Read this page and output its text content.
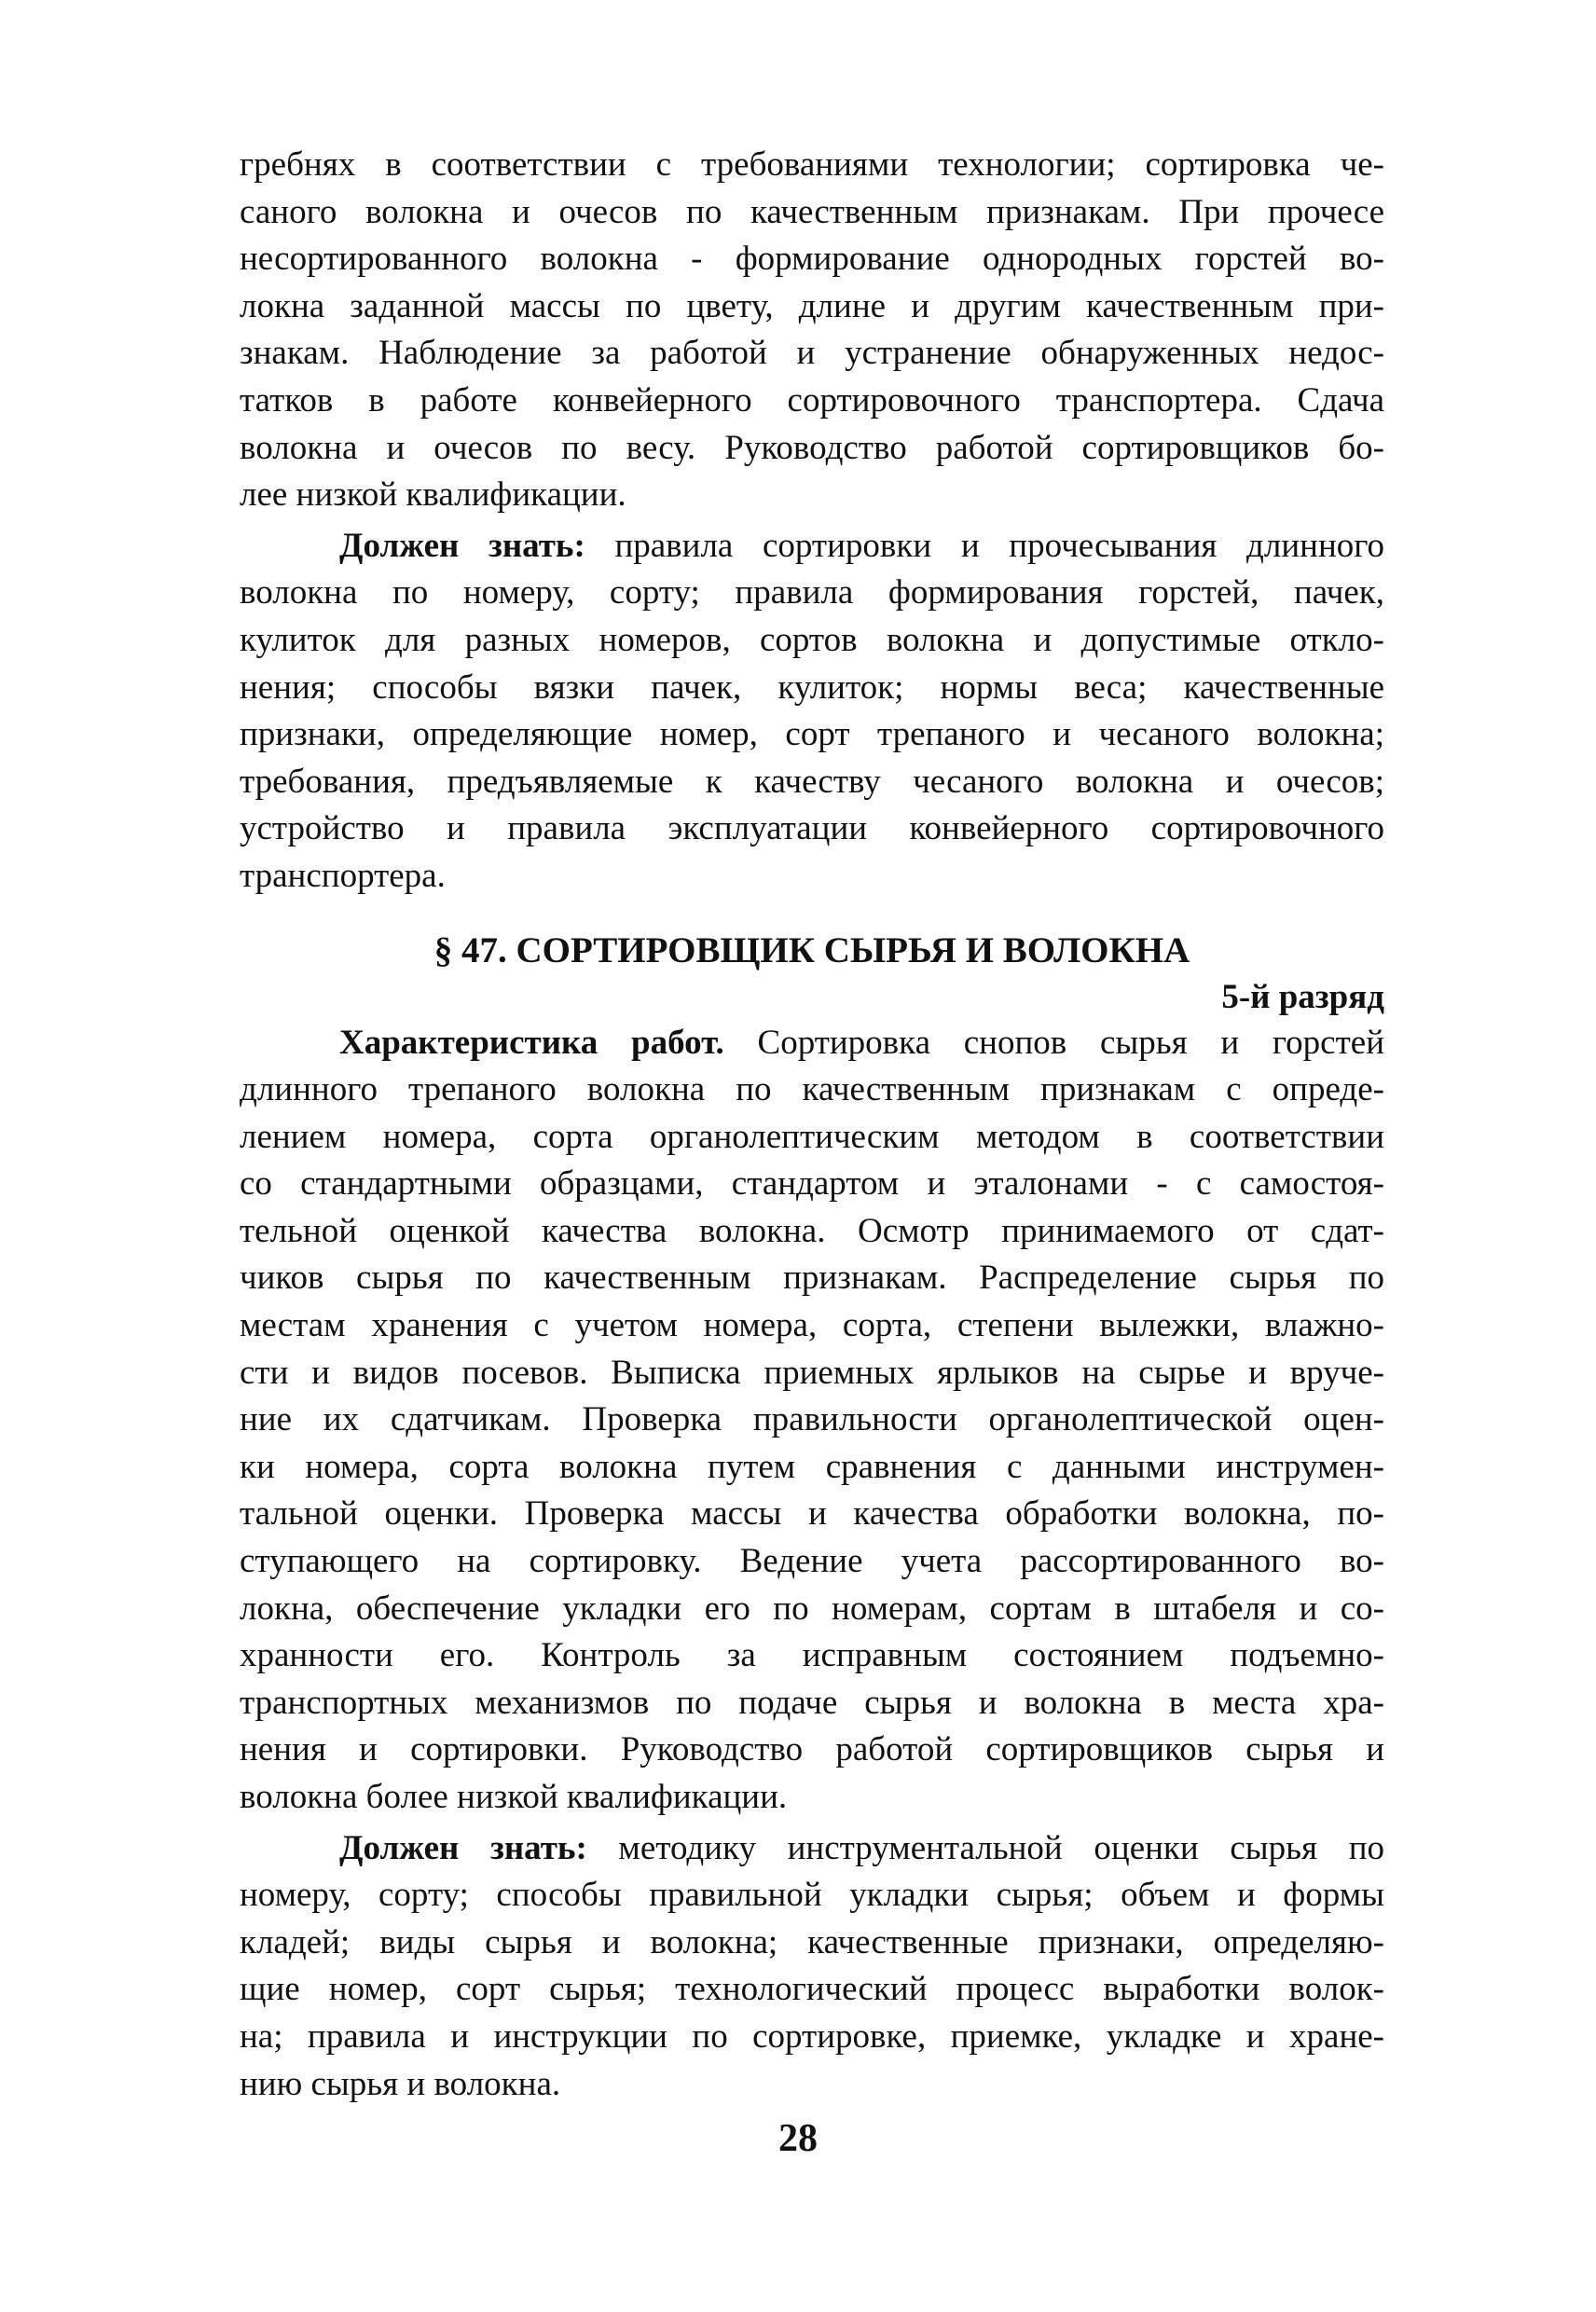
гребнях в соответствии с требованиями технологии; сортировка че-
саного волокна и очесов по качественным признакам. При прочесе
несортированного волокна - формирование однородных горстей во-
локна заданной массы по цвету, длине и другим качественным при-
знакам. Наблюдение за работой и устранение обнаруженных недос-
татков в работе конвейерного сортировочного транспортера. Сдача
волокна и очесов по весу. Руководство работой сортировщиков бо-
лее низкой квалификации.
Должен знать: правила сортировки и прочесывания длинного
волокна по номеру, сорту; правила формирования горстей, пачек,
кулиток для разных номеров, сортов волокна и допустимые откло-
нения; способы вязки пачек, кулиток; нормы веса; качественные
признаки, определяющие номер, сорт трепаного и чесаного волокна;
требования, предъявляемые к качеству чесаного волокна и очесов;
устройство и правила эксплуатации конвейерного сортировочного
транспортера.
§ 47. СОРТИРОВЩИК СЫРЬЯ И ВОЛОКНА
5-й разряд
Характеристика работ. Сортировка снопов сырья и горстей
длинного трепаного волокна по качественным признакам с опреде-
лением номера, сорта органолептическим методом в соответствии
со стандартными образцами, стандартом и эталонами - с самостоя-
тельной оценкой качества волокна. Осмотр принимаемого от сдат-
чиков сырья по качественным признакам. Распределение сырья по
местам хранения с учетом номера, сорта, степени вылежки, влажно-
сти и видов посевов. Выписка приемных ярлыков на сырье и вруче-
ние их сдатчикам. Проверка правильности органолептической оцен-
ки номера, сорта волокна путем сравнения с данными инструмен-
тальной оценки. Проверка массы и качества обработки волокна, по-
ступающего на сортировку. Ведение учета рассортированного во-
локна, обеспечение укладки его по номерам, сортам в штабеля и со-
хранности его. Контроль за исправным состоянием подъемно-
транспортных механизмов по подаче сырья и волокна в места хра-
нения и сортировки. Руководство работой сортировщиков сырья и
волокна более низкой квалификации.
Должен знать: методику инструментальной оценки сырья по
номеру, сорту; способы правильной укладки сырья; объем и формы
кладей; виды сырья и волокна; качественные признаки, определяю-
щие номер, сорт сырья; технологический процесс выработки волок-
на; правила и инструкции по сортировке, приемке, укладке и хране-
нию сырья и волокна.
28
